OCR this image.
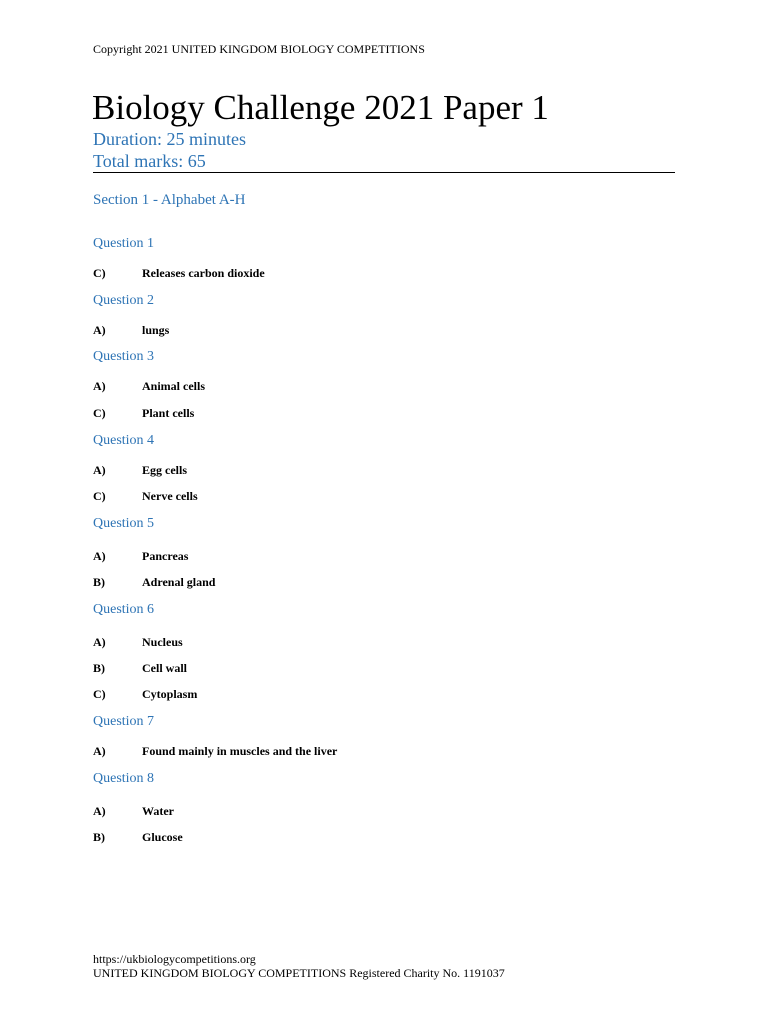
Copyright 2021 UNITED KINGDOM BIOLOGY COMPETITIONS
Biology Challenge 2021 Paper 1
Duration: 25 minutes
Total marks: 65
Section 1 - Alphabet A-H
Question 1
C)	Releases carbon dioxide
Question 2
A)	lungs
Question 3
A)	Animal cells
C)	Plant cells
Question 4
A)	Egg cells
C)	Nerve cells
Question 5
A)	Pancreas
B)	Adrenal gland
Question 6
A)	Nucleus
B)	Cell wall
C)	Cytoplasm
Question 7
A)	Found mainly in muscles and the liver
Question 8
A)	Water
B)	Glucose
https://ukbiologycompetitions.org
UNITED KINGDOM BIOLOGY COMPETITIONS Registered Charity No. 1191037
